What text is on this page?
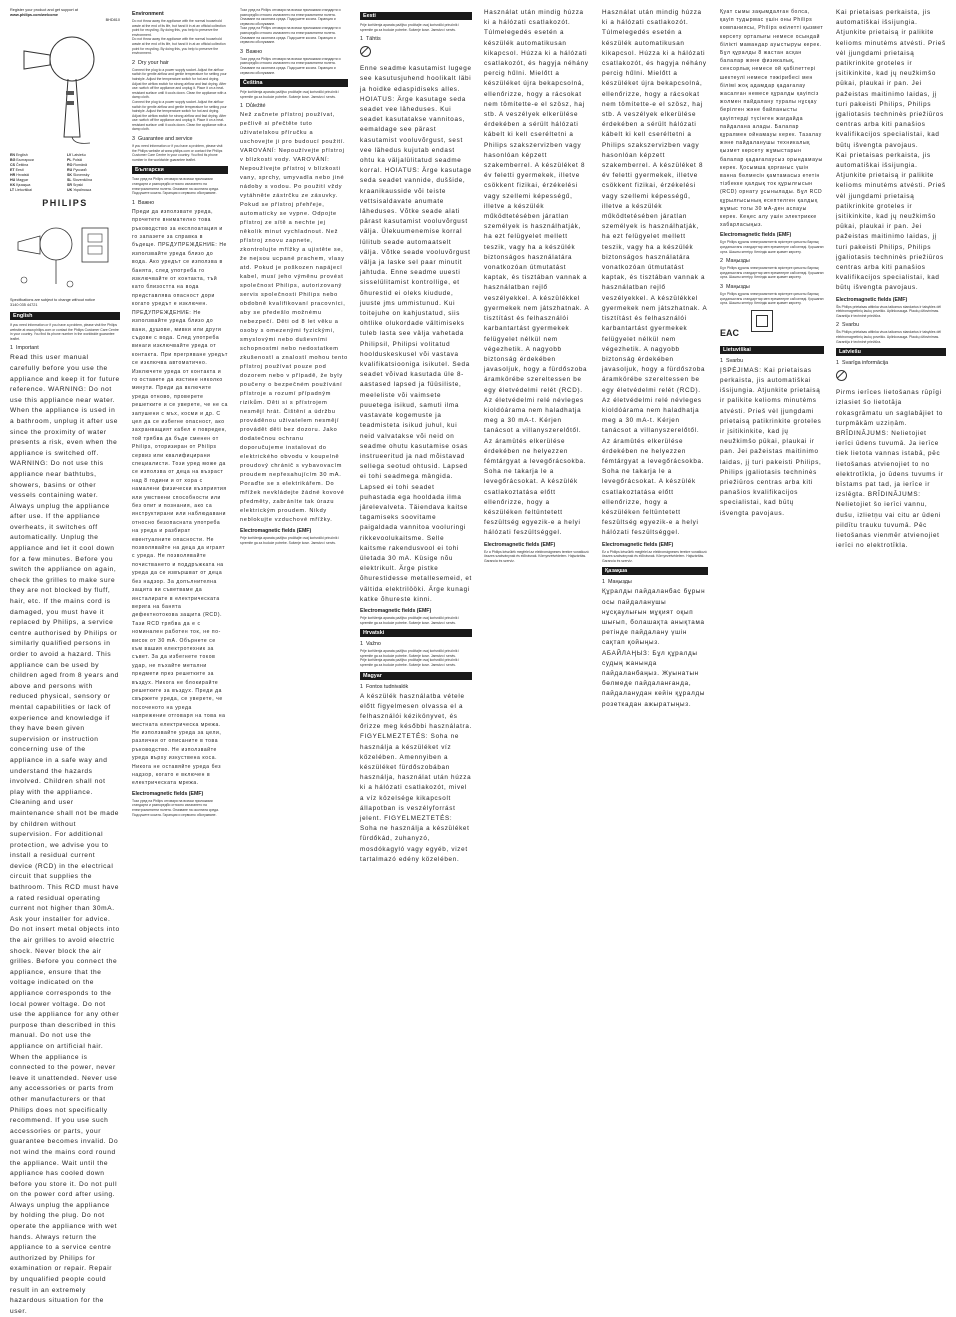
Register your product and get support at
www.philips.com/welcome
BHD810
EN English	LV Latviešu
BG Български	PL Polski
CS Čeština	RO Română
ET Eesti	RU Русский
HR Hrvatski	SK Slovensky
HU Magyar	SL Slovenščina
KK Қазақша	SR Srpski
LT Lietuviškai	UK Українська
PHILIPS
Specifications are subject to change without notice
3140 035 44721
English
If you need information or if you have a problem, please visit the Philips website at www.philips.com or contact the Philips Customer Care Centre in your country. You find its phone number in the worldwide guarantee leaflet.
1 Important
Read this user manual carefully before you use the appliance and keep it for future reference. WARNING: Do not use this appliance near water. When the appliance is used in a bathroom, unplug it after use since the proximity of water presents a risk, even when the appliance is switched off. WARNING: Do not use this appliance near bathtubs, showers, basins or other vessels containing water. Always unplug the appliance after use. If the appliance overheats, it switches off automatically. Unplug the appliance and let it cool down for a few minutes. Before you switch the appliance on again, check the grilles to make sure they are not blocked by fluff, hair, etc. If the mains cord is damaged, you must have it replaced by Philips, a service centre authorised by Philips or similarly qualified persons in order to avoid a hazard. This appliance can be used by children aged from 8 years and above and persons with reduced physical, sensory or mental capabilities or lack of experience and knowledge if they have been given supervision or instruction concerning use of the appliance in a safe way and understand the hazards involved. Children shall not play with the appliance. Cleaning and user maintenance shall not be made by children without supervision. For additional protection, we advise you to install a residual current device (RCD) in the electrical circuit that supplies the bathroom. This RCD must have a rated residual operating current not higher than 30mA. Ask your installer for advice. Do not insert metal objects into the air grilles to avoid electric shock. Never block the air grilles. Before you connect the appliance, ensure that the voltage indicated on the appliance corresponds to the local power voltage. Do not use the appliance for any other purpose than described in this manual. Do not use the appliance on artificial hair. When the appliance is connected to the power, never leave it unattended. Never use any accessories or parts from other manufacturers or that Philips does not specifically recommend. If you use such accessories or parts, your guarantee becomes invalid. Do not wind the mains cord round the appliance. Wait until the appliance has cooled down before you store it. Do not pull on the power cord after using. Always unplug the appliance by holding the plug. Do not operate the appliance with wet hands. Always return the appliance to a service centre authorized by Philips for examination or repair. Repair by unqualified people could result in an extremely hazardous situation for the user.
Environment
Do not throw away the appliance with the normal household waste at the end of its life, but hand it in at an official collection point for recycling. By doing this, you help to preserve the environment.
Do not throw away the appliance with the normal household waste at the end of its life, but hand it in at an official collection point for recycling. By doing this, you help to preserve the environment.
2 Dry your hair
Connect the plug to a power supply socket. Adjust the airflow switch for gentle airflow and gentle temperature for setting your hairstyle. Adjust the temperature switch for hot and drying. Adjust the airflow switch for strong airflow and fast drying. After use: switch off the appliance and unplug it. Place it on a heat-resistant surface until it cools down. Clean the appliance with a damp cloth.
Connect the plug to a power supply socket. Adjust the airflow switch for gentle airflow and gentle temperature for setting your hairstyle. Adjust the temperature switch for hot and drying. Adjust the airflow switch for strong airflow and fast drying. After use: switch off the appliance and unplug it. Place it on a heat-resistant surface until it cools down. Clean the appliance with a damp cloth.
3 Guarantee and service
If you need information or if you have a problem, please visit the Philips website at www.philips.com or contact the Philips Customer Care Centre in your country. You find its phone number in the worldwide guarantee leaflet.
Български
Този уред на Philips отговаря на всички приложими стандарти и разпоредби относно излагането на електромагнитни полета. Опазване на околната среда. Подсушете косата. Гаранция и сервизно обслужване.
1 Важно
Преди да използвате уреда, прочетете внимателно това ръководство за експлоатация и го запазете за справка в бъдеще. ПРЕДУПРЕЖДЕНИЕ: Не използвайте уреда близо до вода. Ако уредът се използва в банята, след употреба го изключвайте от контакта, тъй като близостта на вода представлява опасност дори когато уредът е изключен. ПРЕДУПРЕЖДЕНИЕ: Не използвайте уреда близо до вани, душове, мивки или други съдове с вода. След употреба винаги изключвайте уреда от контакта. При прегряване уредът се изключва автоматично. Изключете уреда от контакта и го оставете да изстине няколко минути. Преди да включите уреда отново, проверете решетките и се уверете, че не са запушени с мъх, косми и др. С цел да се избегне опасност, ако захранващият кабел е повреден, той трябва да бъде сменен от Philips, оторизиран от Philips сервиз или квалифицирани специалисти. Този уред може да се използва от деца на възраст над 8 години и от хора с намалени физически възприятия или умствени способности или без опит и познания, ако са инструктирани или наблюдавани относно безопасната употреба на уреда и разбират евентуалните опасности. Не позволявайте на деца да играят с уреда. Не позволявайте почистването и поддръжката на уреда да се извършват от деца без надзор. За допълнителна защита ви съветваме да инсталирате в електрическата верига на банята дефектнотокова защита (RCD). Тази RCD трябва да е с номинален работен ток, не по-висок от 30 mA. Обърнете се към вашия електротехник за съвет. За да избегнете токов удар, не пъхайте метални предмети през решетките за въздух. Никога не блокирайте решетките за въздух. Преди да свържете уреда, се уверете, че посоченото на уреда напрежение отговаря на това на местната електрическа мрежа. Не използвайте уреда за цели, различни от описаните в това ръководство. Не използвайте уреда върху изкуствена коса. Никога не оставяйте уреда без надзор, когато е включен в електрическата мрежа.
Electromagnetic fields (EMF)
Този уред на Philips отговаря на всички приложими стандарти и разпоредби относно излагането на електромагнитни полета. Опазване на околната среда. Подсушете косата. Гаранция и сервизно обслужване.
Този уред на Philips отговаря на всички приложими стандарти и разпоредби относно излагането на електромагнитни полета. Опазване на околната среда. Подсушете косата. Гаранция и сервизно обслужване.
Този уред на Philips отговаря на всички приложими стандарти и разпоредби относно излагането на електромагнитни полета. Опазване на околната среда. Подсушете косата. Гаранция и сервизно обслужване.
3 Важно
Този уред на Philips отговаря на всички приложими стандарти и разпоредби относно излагането на електромагнитни полета. Опазване на околната среда. Подсушете косата. Гаранция и сервизно обслужване.
Čeština
Prije korištenja aparata pažljivo pročitajte ovaj korisnički priručnik i spremite ga za buduće potrebe. Sušenje kose. Jamstvo i servis.
1 Důležité
Než začnete přístroj používat, pečlivě si přečtěte tuto uživatelskou příručku a uschovejte ji pro budoucí použití. VAROVÁNÍ: Nepoužívejte přístroj v blízkosti vody. VAROVÁNÍ: Nepoužívejte přístroj v blízkosti vany, sprchy, umyvadla nebo jiné nádoby s vodou. Po použití vždy vytáhněte zástrčku ze zásuvky. Pokud se přístroj přehřeje, automaticky se vypne. Odpojte přístroj ze sítě a nechte jej několik minut vychladnout. Než přístroj znovu zapnete, zkontrolujte mřížky a ujistěte se, že nejsou ucpané prachem, vlasy atd. Pokud je poškozen napájecí kabel, musí jeho výměnu provést společnost Philips, autorizovaný servis společnosti Philips nebo obdobně kvalifikovaní pracovníci, aby se předešlo možnému nebezpečí. Děti od 8 let věku a osoby s omezenými fyzickými, smyslovými nebo duševními schopnostmi nebo nedostatkem zkušeností a znalostí mohou tento přístroj používat pouze pod dozorem nebo v případě, že byly poučeny o bezpečném používání přístroje a rozumí případným rizikům. Děti si s přístrojem nesmějí hrát. Čištění a údržbu prováděnou uživatelem nesmějí provádět děti bez dozoru. Jako dodatečnou ochranu doporučujeme instalovat do elektrického obvodu v koupelně proudový chránič s vybavovacím proudem nepřesahujícím 30 mA. Poraďte se s elektrikářem. Do mřížek nevkládejte žádné kovové předměty, zabráníte tak úrazu elektrickým proudem. Nikdy neblokujte vzduchové mřížky.
Electromagnetic fields (EMF)
Prije korištenja aparata pažljivo pročitajte ovaj korisnički priručnik i spremite ga za buduće potrebe. Sušenje kose. Jamstvo i servis.
Eesti
Prije korištenja aparata pažljivo pročitajte ovaj korisnički priručnik i spremite ga za buduće potrebe. Sušenje kose. Jamstvo i servis.
1 Tähtis
Enne seadme kasutamist lugege see kasutusjuhend hoolikalt läbi ja hoidke edaspidiseks alles. HOIATUS: Ärge kasutage seda seadet vee läheduses. Kui seadet kasutatakse vannitoas, eemaldage see pärast kasutamist vooluvõrgust, sest vee lähedus kujutab endast ohtu ka väljalülitatud seadme korral. HOIATUS: Ärge kasutage seda seadet vannide, duššide, kraanikausside või teiste vettsisaldavate anumate läheduses. Võtke seade alati pärast kasutamist vooluvõrgust välja. Ülekuumenemise korral lülitub seade automaatselt välja. Võtke seade vooluvõrgust välja ja laske sel paar minutit jahtuda. Enne seadme uuesti sisselülitamist kontrollige, et õhurestid ei oleks kiudude, juuste jms ummistunud. Kui toitejuhe on kahjustatud, siis ohtlike olukordade vältimiseks tuleb lasta see välja vahetada Philipsil, Philipsi volitatud hoolduskeskusel või vastava kvalifikatsiooniga isikutel. Seda seadet võivad kasutada üle 8-aastased lapsed ja füüsiliste, meeleliste või vaimsete puuetega isikud, samuti ilma vastavate kogemuste ja teadmisteta isikud juhul, kui neid valvatakse või neid on seadme ohutu kasutamise osas instrueeritud ja nad mõistavad sellega seotud ohtusid. Lapsed ei tohi seadmega mängida. Lapsed ei tohi seadet puhastada ega hooldada ilma järelevalveta. Täiendava kaitse tagamiseks soovitame paigaldada vannitoa vooluringi rikkevoolukaitsme. Selle kaitsme rakendusvool ei tohi ületada 30 mA. Küsige nõu elektrikult. Ärge pistke õhurestidesse metallesemeid, et vältida elektrilööki. Ärge kunagi katke õhureste kinni.
Electromagnetic fields (EMF)
Prije korištenja aparata pažljivo pročitajte ovaj korisnički priručnik i spremite ga za buduće potrebe. Sušenje kose. Jamstvo i servis.
Hrvatski
1 Važno
Prije korištenja aparata pažljivo pročitajte ovaj korisnički priručnik i spremite ga za buduće potrebe. Sušenje kose. Jamstvo i servis.
Prije korištenja aparata pažljivo pročitajte ovaj korisnički priručnik i spremite ga za buduće potrebe. Sušenje kose. Jamstvo i servis.
Magyar
1 Fontos tudnivalók
A készülék használatba vétele előtt figyelmesen olvassa el a felhasználói kézikönyvet, és őrizze meg későbbi használatra. FIGYELMEZTETÉS: Soha ne használja a készüléket víz közelében. Amennyiben a készüléket fürdőszobában használja, használat után húzza ki a hálózati csatlakozót, mivel a víz közelsége kikapcsolt állapotban is veszélyforrást jelent. FIGYELMEZTETÉS: Soha ne használja a készüléket fürdőkád, zuhanyzó, mosdókagyló vagy egyéb, vizet tartalmazó edény közelében.
Használat után mindig húzza ki a hálózati csatlakozót. Túlmelegedés esetén a készülék automatikusan kikapcsol. Húzza ki a hálózati csatlakozót, és hagyja néhány percig hűlni. Mielőtt a készüléket újra bekapcsolná, ellenőrizze, hogy a rácsokat nem tömítette-e el szösz, haj stb. A veszélyek elkerülése érdekében a sérült hálózati kábelt ki kell cseréltetni a Philips szakszervizben vagy hasonlóan képzett szakemberrel. A készüléket 8 év feletti gyermekek, illetve csökkent fizikai, érzékelési vagy szellemi képességű, illetve a készülék működtetésében járatlan személyek is használhatják, ha ezt felügyelet mellett teszik, vagy ha a készülék biztonságos használatára vonatkozóan útmutatást kaptak, és tisztában vannak a használatban rejlő veszélyekkel. A készülékkel gyermekek nem játszhatnak. A tisztítást és felhasználói karbantartást gyermekek felügyelet nélkül nem végezhetik. A nagyobb biztonság érdekében javasoljuk, hogy a fürdőszoba áramkörébe szereltessen be egy életvédelmi relét (RCD). Az életvédelmi relé névleges kioldóárama nem haladhatja meg a 30 mA-t. Kérjen tanácsot a villanyszerelőtől. Az áramütés elkerülése érdekében ne helyezzen fémtárgyat a levegőrácsokba. Soha ne takarja le a levegőrácsokat. A készülék csatlakoztatása előtt ellenőrizze, hogy a készüléken feltüntetett feszültség egyezik-e a helyi hálózati feszültséggel.
Electromagnetic fields (EMF)
Ez a Philips készülék megfelel az elektromágneses terekre vonatkozó összes szabványnak és előírásnak. Környezetvédelem. Hajszárítás. Garancia és szerviz.
Használat után mindig húzza ki a hálózati csatlakozót. Túlmelegedés esetén a készülék automatikusan kikapcsol. Húzza ki a hálózati csatlakozót, és hagyja néhány percig hűlni. Mielőtt a készüléket újra bekapcsolná, ellenőrizze, hogy a rácsokat nem tömítette-e el szösz, haj stb. A veszélyek elkerülése érdekében a sérült hálózati kábelt ki kell cseréltetni a Philips szakszervizben vagy hasonlóan képzett szakemberrel. A készüléket 8 év feletti gyermekek, illetve csökkent fizikai, érzékelési vagy szellemi képességű, illetve a készülék működtetésében járatlan személyek is használhatják, ha ezt felügyelet mellett teszik, vagy ha a készülék biztonságos használatára vonatkozóan útmutatást kaptak, és tisztában vannak a használatban rejlő veszélyekkel. A készülékkel gyermekek nem játszhatnak. A tisztítást és felhasználói karbantartást gyermekek felügyelet nélkül nem végezhetik. A nagyobb biztonság érdekében javasoljuk, hogy a fürdőszoba áramkörébe szereltessen be egy életvédelmi relét (RCD). Az életvédelmi relé névleges kioldóárama nem haladhatja meg a 30 mA-t. Kérjen tanácsot a villanyszerelőtől. Az áramütés elkerülése érdekében ne helyezzen fémtárgyat a levegőrácsokba. Soha ne takarja le a levegőrácsokat. A készülék csatlakoztatása előtt ellenőrizze, hogy a készüléken feltüntetett feszültség egyezik-e a helyi hálózati feszültséggel.
Electromagnetic fields (EMF)
Ez a Philips készülék megfelel az elektromágneses terekre vonatkozó összes szabványnak és előírásnak. Környezetvédelem. Hajszárítás. Garancia és szerviz.
Қазақша
1 Маңызды
Құралды пайдаланбас бұрын осы пайдаланушы нұсқаулығын мұқият оқып шығып, болашақта анықтама ретінде пайдалану үшін сақтап қойыңыз. АБАЙЛАҢЫЗ: Бұл құралды судың жанында пайдаланбаңыз. Жуынатын бөлмеде пайдаланғанда, пайдаланудан кейін құралды розеткадан ажыратыңыз.
Қуат сымы зақымдалған болса, қауіп тудырмас үшін оны Philips компаниясы, Philips өкілетті қызмет көрсету орталығы немесе осындай білікті мамандар ауыстыруы керек. Бұл құралды 8 жастан асқан балалар және физикалық, сенсорлық немесе ой қабілеттері шектеулі немесе тәжірибесі мен білімі жоқ адамдар қадағалау жасалған немесе құралды қауіпсіз жолмен пайдалану туралы нұсқау берілген және байланысты қауіптерді түсінген жағдайда пайдалана алады. Балалар құралмен ойнамауы керек. Тазалау және пайдаланушы техникалық қызмет көрсету жұмыстарын балалар қадағалаусыз орындамауы керек. Қосымша қорғаныс үшін ванна бөлмесін қамтамасыз ететін тізбекке қалдық ток құрылғысын (RCD) орнату ұсынылады. Бұл RCD құрылғысының есептелген қалдық жұмыс тогы 30 мА-ден аспауы керек. Кеңес алу үшін электрикке хабарласыңыз.
Electromagnetic fields (EMF)
Бұл Philips құралы электромагниттік өрістерге қатысты барлық қолданыстағы стандарттар мен ережелерге сай келеді. Қоршаған орта. Шашты кептіру. Кепілдік және қызмет көрсету.
2 Маңызды
Бұл Philips құралы электромагниттік өрістерге қатысты барлық қолданыстағы стандарттар мен ережелерге сай келеді. Қоршаған орта. Шашты кептіру. Кепілдік және қызмет көрсету.
3 Маңызды
Бұл Philips құралы электромагниттік өрістерге қатысты барлық қолданыстағы стандарттар мен ережелерге сай келеді. Қоршаған орта. Шашты кептіру. Кепілдік және қызмет көрсету.
EAC
Lietuviškai
1 Svarbu
ĮSPĖJIMAS: Kai prietaisas perkaista, jis automatiškai išsijungia. Atjunkite prietaisą ir palikite kelioms minutėms atvėsti. Prieš vėl įjungdami prietaisą patikrinkite groteles ir įsitikinkite, kad jų neužkimšo pūkai, plaukai ir pan. Jei pažeistas maitinimo laidas, jį turi pakeisti Philips, Philips įgaliotasis techninės priežiūros centras arba kiti panašios kvalifikacijos specialistai, kad būtų išvengta pavojaus.
Kai prietaisas perkaista, jis automatiškai išsijungia. Atjunkite prietaisą ir palikite kelioms minutėms atvėsti. Prieš vėl įjungdami prietaisą patikrinkite groteles ir įsitikinkite, kad jų neužkimšo pūkai, plaukai ir pan. Jei pažeistas maitinimo laidas, jį turi pakeisti Philips, Philips įgaliotasis techninės priežiūros centras arba kiti panašios kvalifikacijos specialistai, kad būtų išvengta pavojaus.
Kai prietaisas perkaista, jis automatiškai išsijungia. Atjunkite prietaisą ir palikite kelioms minutėms atvėsti. Prieš vėl įjungdami prietaisą patikrinkite groteles ir įsitikinkite, kad jų neužkimšo pūkai, plaukai ir pan. Jei pažeistas maitinimo laidas, jį turi pakeisti Philips, Philips įgaliotasis techninės priežiūros centras arba kiti panašios kvalifikacijos specialistai, kad būtų išvengta pavojaus.
Electromagnetic fields (EMF)
Šis Philips prietaisas atitinka visus taikomus standartus ir taisykles dėl elektromagnetinių laukų poveikio. Aplinkosauga. Plaukų džiovinimas. Garantija ir techninė priežiūra.
2 Svarbu
Šis Philips prietaisas atitinka visus taikomus standartus ir taisykles dėl elektromagnetinių laukų poveikio. Aplinkosauga. Plaukų džiovinimas. Garantija ir techninė priežiūra.
Latviešu
1 Svarīga informācija
Pirms ierīces lietošanas rūpīgi izlasiet šo lietotāja rokasgrāmatu un saglabājiet to turpmākām uzziņām. BRĪDINĀJUMS: Nelietojiet ierīci ūdens tuvumā. Ja ierīce tiek lietota vannas istabā, pēc lietošanas atvienojiet to no elektrotīkla, jo ūdens tuvums ir bīstams pat tad, ja ierīce ir izslēgta. BRĪDINĀJUMS: Nelietojiet šo ierīci vannu, dušu, izlietņu vai citu ar ūdeni pildītu trauku tuvumā. Pēc lietošanas vienmēr atvienojiet ierīci no elektrotīkla.
